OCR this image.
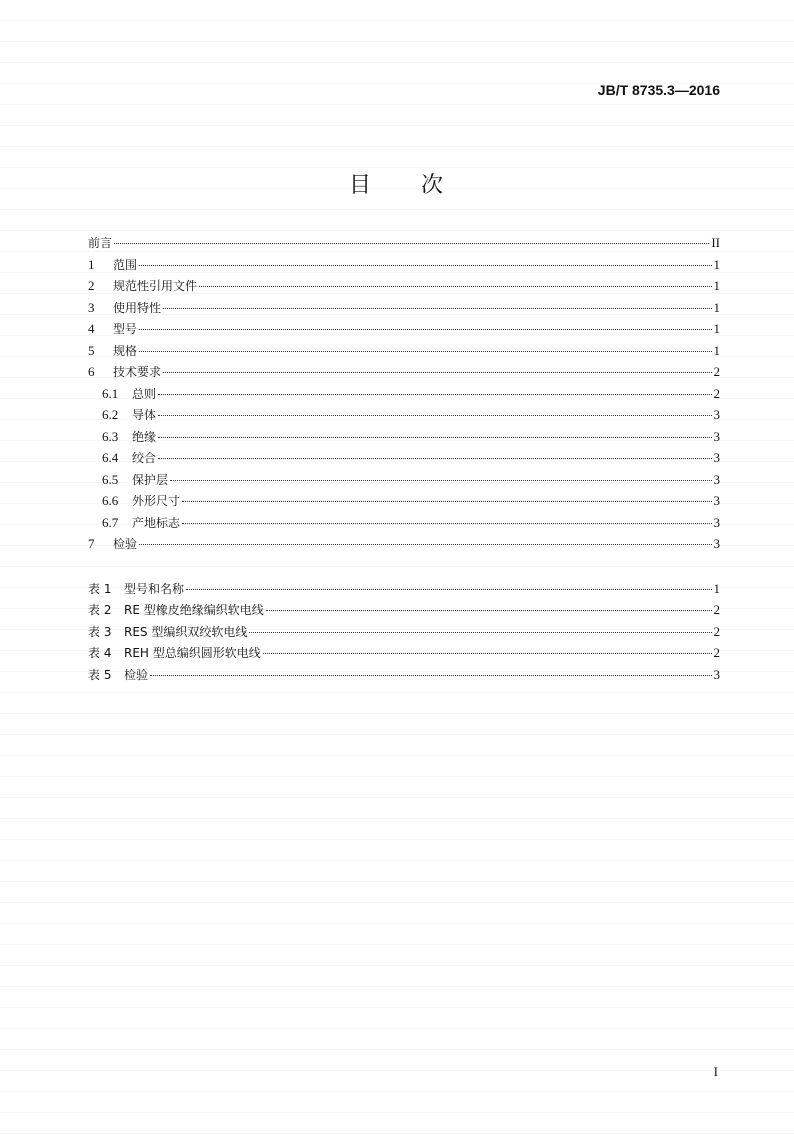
JB/T 8735.3—2016
目 次
前言	II
1	范围	1
2	规范性引用文件	1
3	使用特性	1
4	型号	1
5	规格	1
6	技术要求	2
6.1	总则	2
6.2	导体	3
6.3	绝缘	3
6.4	绞合	3
6.5	保护层	3
6.6	外形尺寸	3
6.7	产地标志	3
7	检验	3
表 1	型号和名称	1
表 2	RE 型橡皮绝缘编织软电线	2
表 3	RES 型编织双绞软电线	2
表 4	REH 型总编织圆形软电线	2
表 5	检验	3
I
